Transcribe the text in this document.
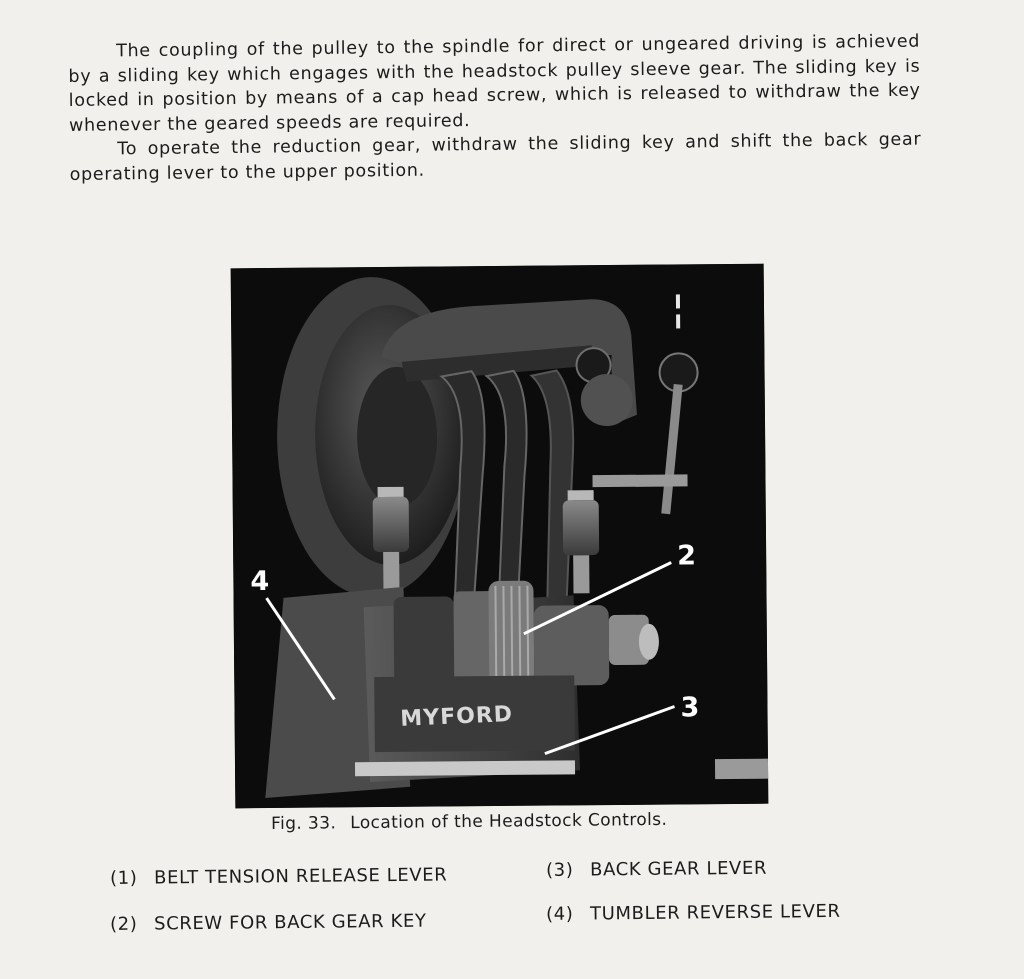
The coupling of the pulley to the spindle for direct or ungeared driving is achieved by a sliding key which engages with the headstock pulley sleeve gear. The sliding key is locked in position by means of a cap head screw, which is released to withdraw the key whenever the geared speeds are required.

To operate the reduction gear, withdraw the sliding key and shift the back gear operating lever to the upper position.

MYFORD
2
3
4
Fig. 33. Location of the Headstock Controls.
(1) BELT TENSION RELEASE LEVER
(2) SCREW FOR BACK GEAR KEY
(3) BACK GEAR LEVER
(4) TUMBLER REVERSE LEVER
